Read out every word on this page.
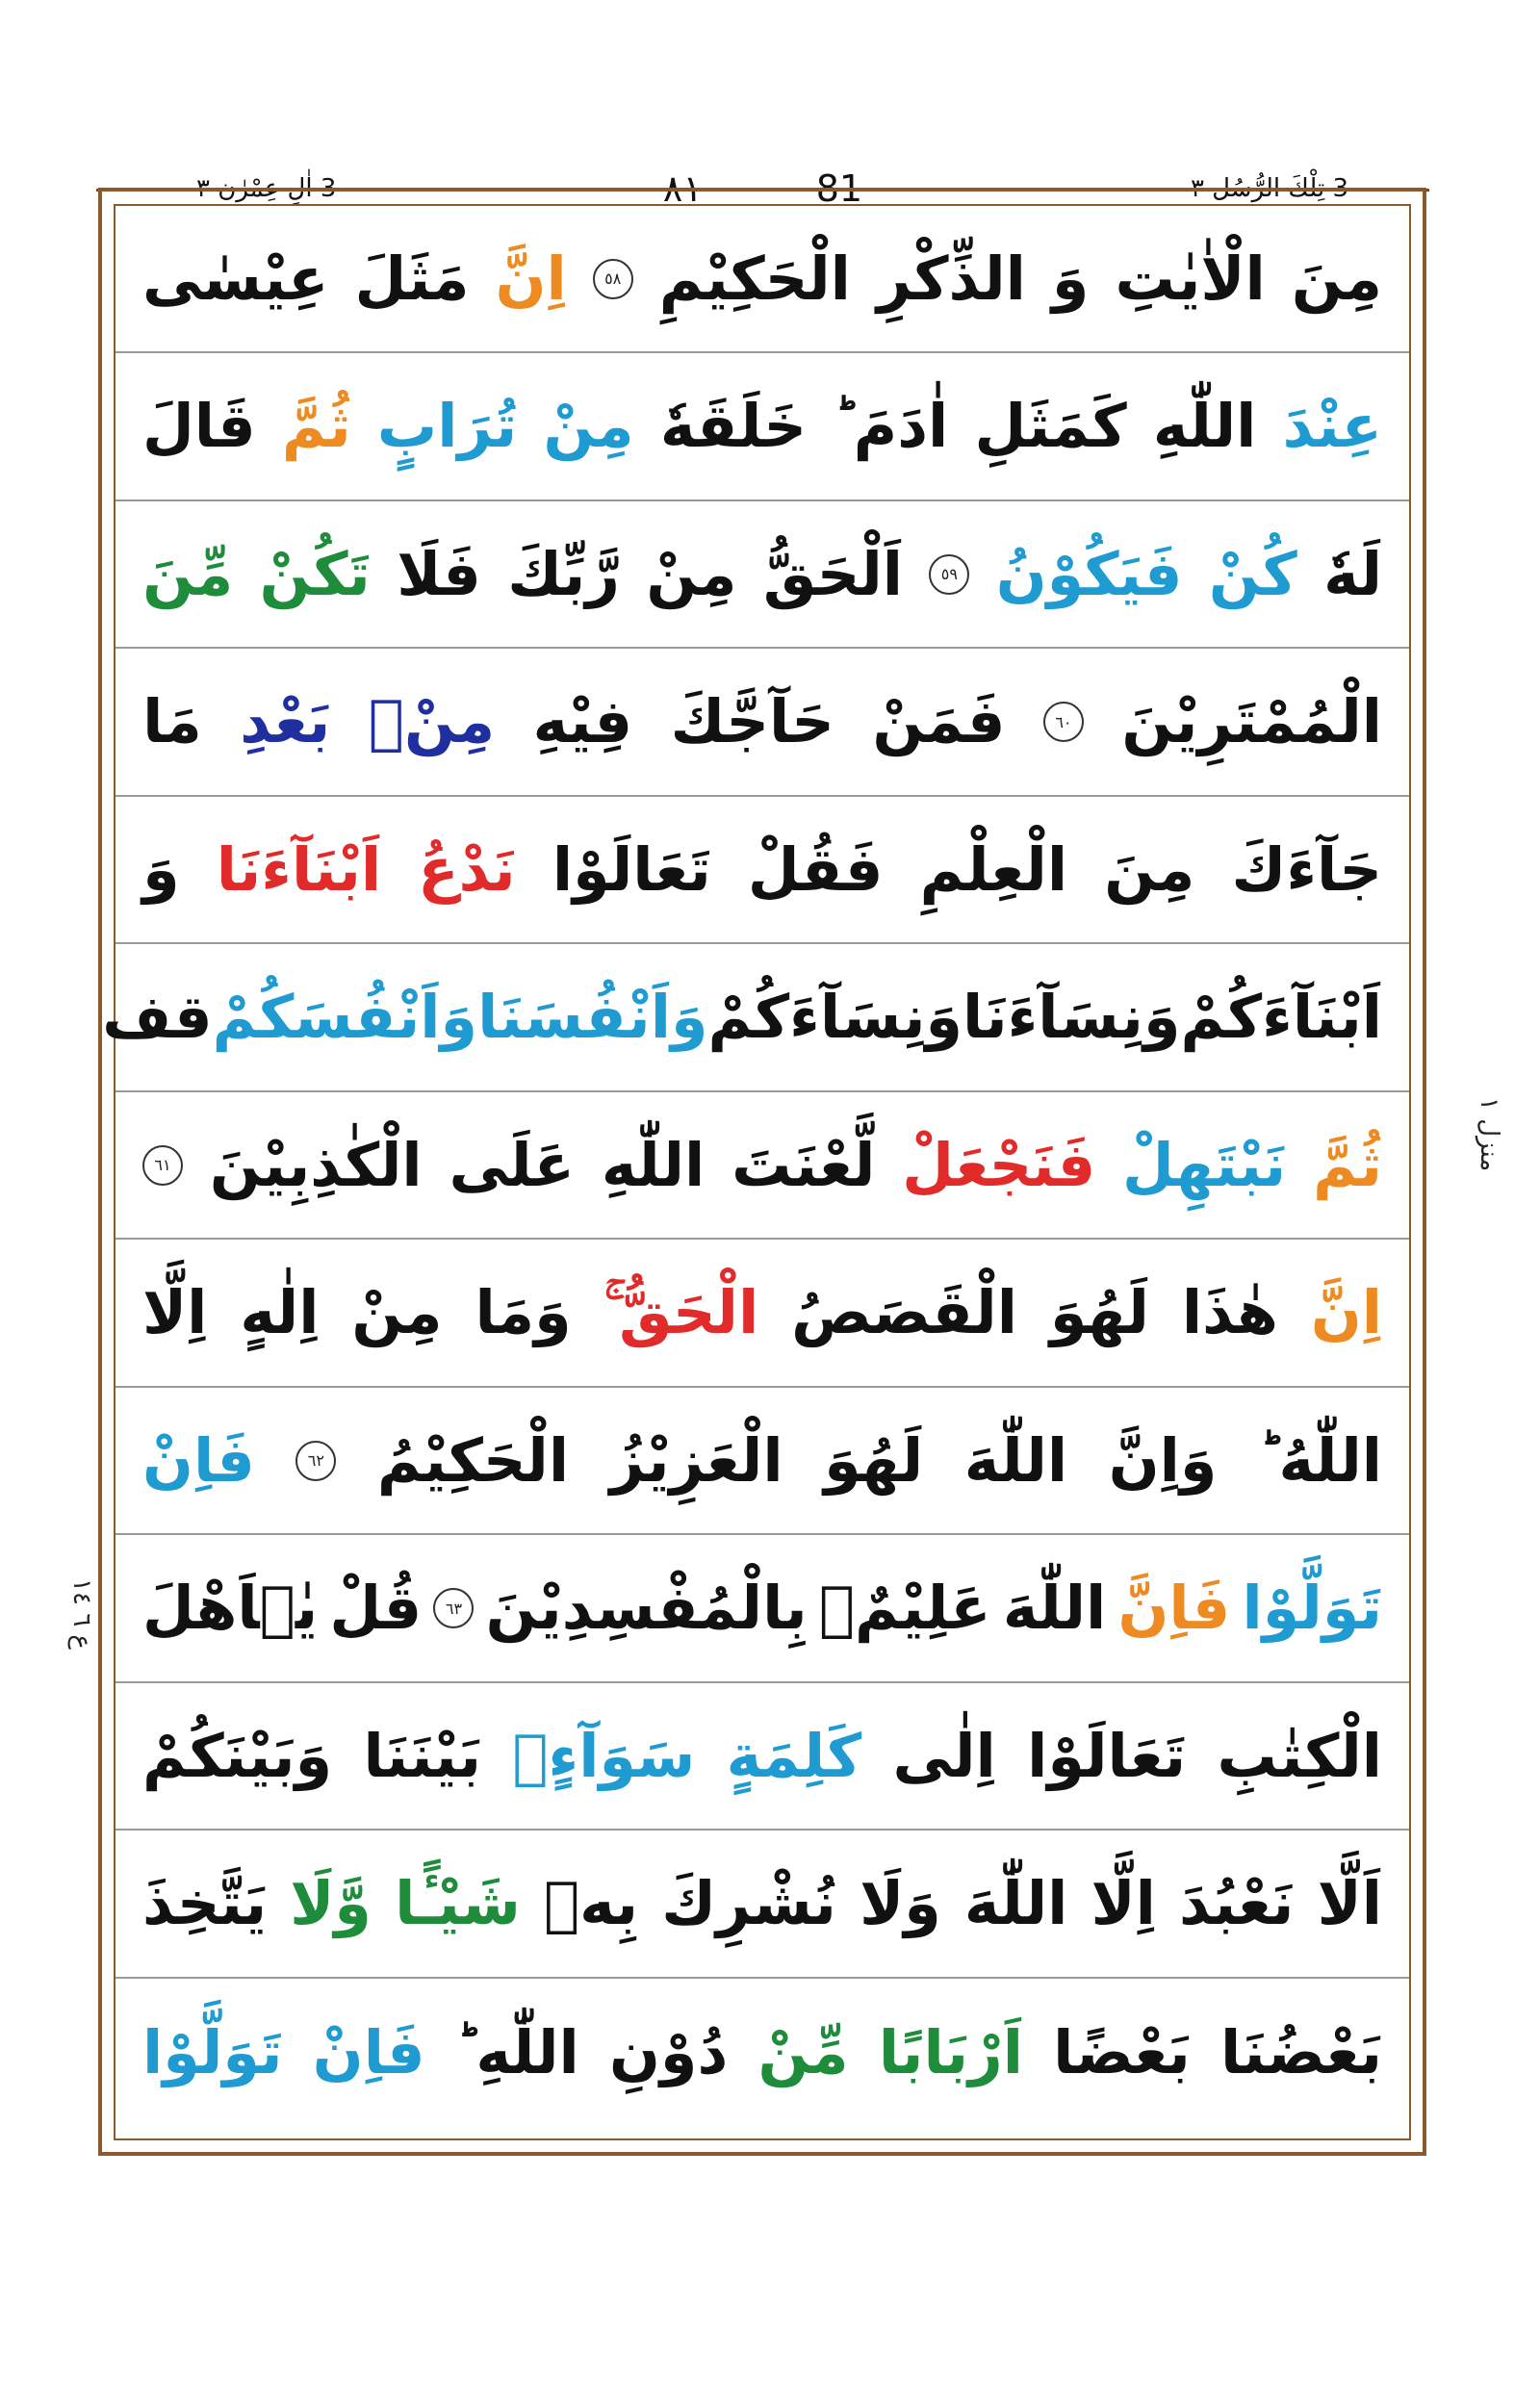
3 تِلْكَ الرُّسُل ٣
٨١	81
3 اٰلِ عِمْرٰن ٣
مِنَ
الْاٰيٰتِ
وَ
الذِّكْرِ
الْحَكِيْمِ
٥٨
اِنَّ
مَثَلَ
عِيْسٰى
عِنْدَ
اللّٰهِ
كَمَثَلِ
اٰدَمَ ؕ
خَلَقَهٗ
مِنْ
تُرَابٍ
ثُمَّ
قَالَ
لَهٗ
كُنْ
فَيَكُوْنُ
٥٩
اَلْحَقُّ
مِنْ
رَّبِّكَ
فَلَا
تَكُنْ
مِّنَ
الْمُمْتَرِيْنَ
٦٠
فَمَنْ
حَآجَّكَ
فِيْهِ
مِنْۢ
بَعْدِ
مَا
جَآءَكَ
مِنَ
الْعِلْمِ
فَقُلْ
تَعَالَوْا
نَدْعُ
اَبْنَآءَنَا
وَ
اَبْنَآءَكُمْ
وَنِسَآءَنَا
وَنِسَآءَكُمْ
وَاَنْفُسَنَا
وَاَنْفُسَكُمْ
قف
ثُمَّ
نَبْتَهِلْ
فَنَجْعَلْ
لَّعْنَتَ
اللّٰهِ
عَلَى
الْكٰذِبِيْنَ
٦١
اِنَّ
هٰذَا
لَهُوَ
الْقَصَصُ
الْحَقُّ ۚ
وَمَا
مِنْ
اِلٰهٍ
اِلَّا
اللّٰهُ ؕ
وَاِنَّ
اللّٰهَ
لَهُوَ
الْعَزِيْزُ
الْحَكِيْمُ
٦٢
فَاِنْ
تَوَلَّوْا
فَاِنَّ
اللّٰهَ
عَلِيْمٌۢ
بِالْمُفْسِدِيْنَ
٦٣
قُلْ
يٰۤاَهْلَ
الْكِتٰبِ
تَعَالَوْا
اِلٰى
كَلِمَةٍ
سَوَآءٍۢ
بَيْنَنَا
وَبَيْنَكُمْ
اَلَّا
نَعْبُدَ
اِلَّا
اللّٰهَ
وَلَا
نُشْرِكَ
بِهٖ
شَيْـًٔا
وَّلَا
يَتَّخِذَ
بَعْضُنَا
بَعْضًا
اَرْبَابًا
مِّنْ
دُوْنِ
اللّٰهِ ؕ
فَاِنْ
تَوَلَّوْا
منزل ١
ع ٦ ١٤
